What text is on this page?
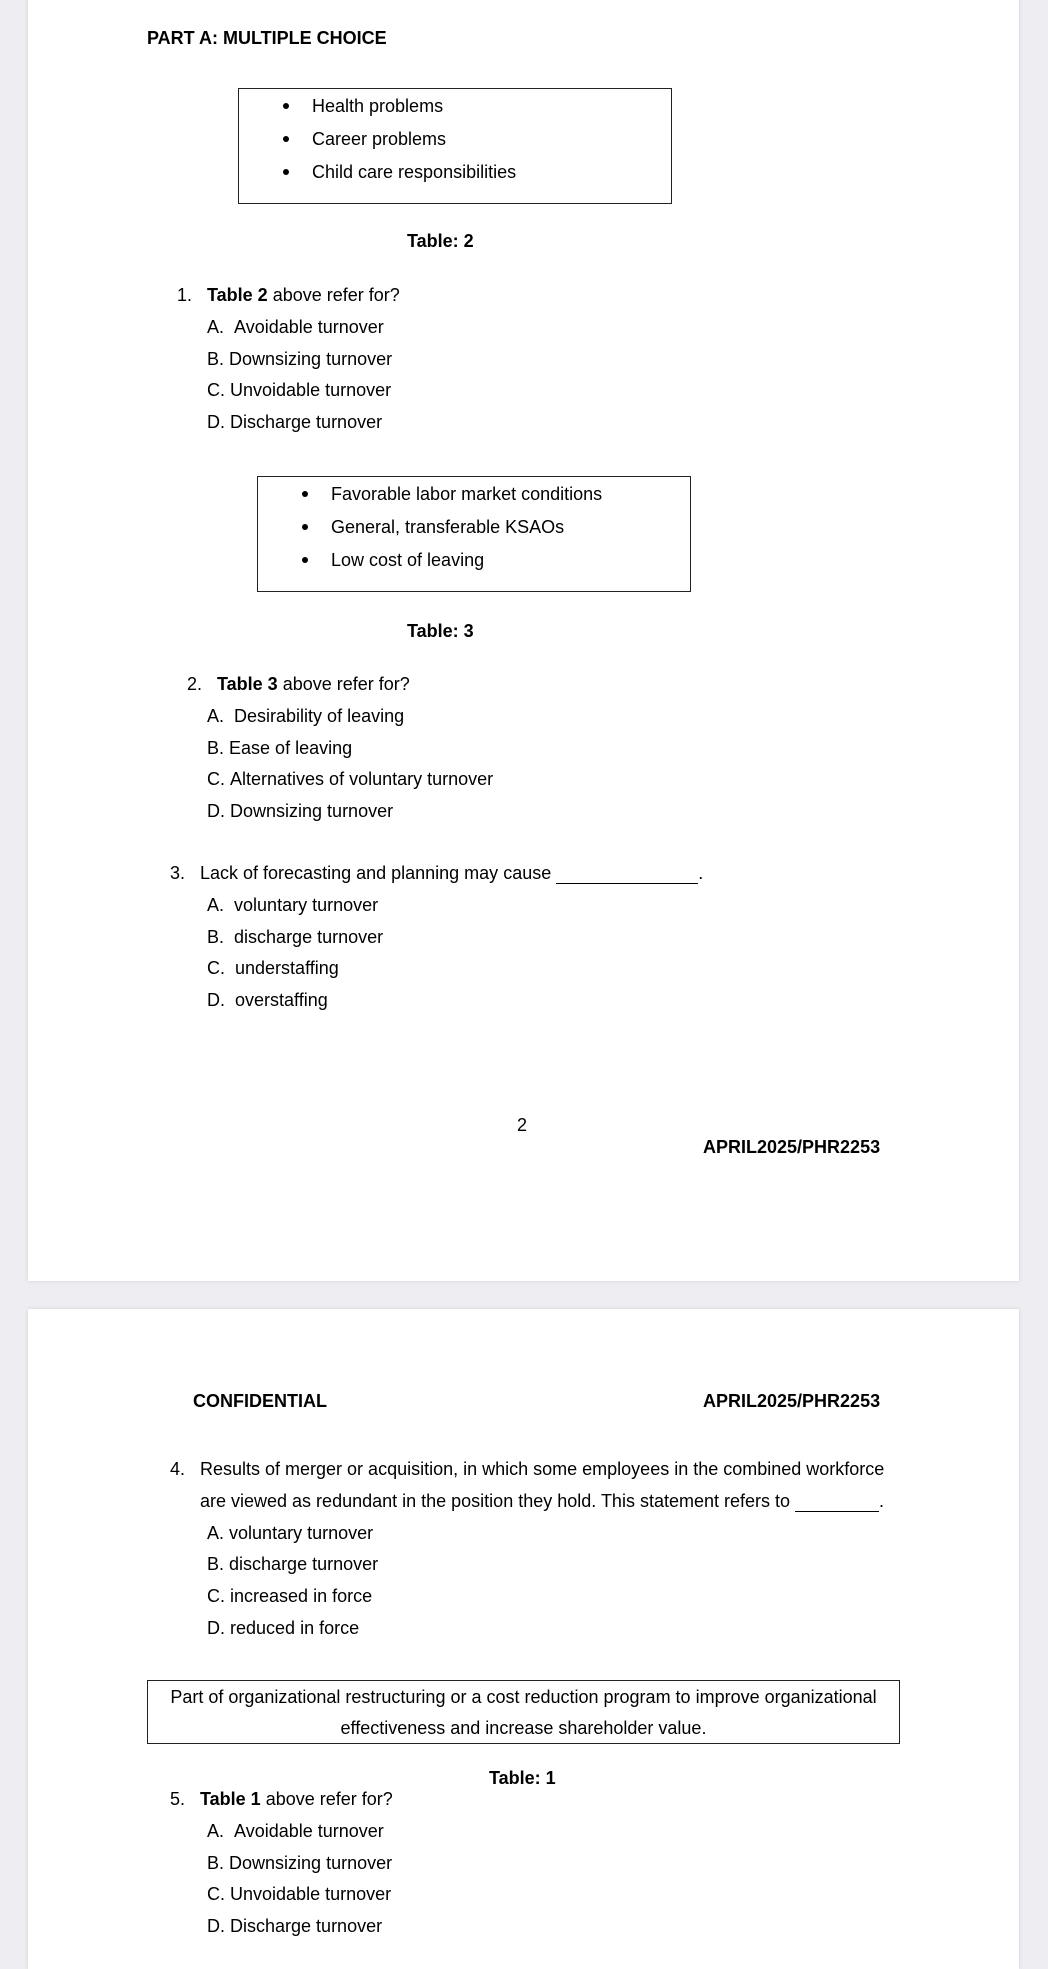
PART A: MULTIPLE CHOICE
Health problems
Career problems
Child care responsibilities
Table: 2
1. Table 2 above refer for?
A. Avoidable turnover
B. Downsizing turnover
C. Unvoidable turnover
D. Discharge turnover
Favorable labor market conditions
General, transferable KSAOs
Low cost of leaving
Table: 3
2. Table 3 above refer for?
A. Desirability of leaving
B. Ease of leaving
C. Alternatives of voluntary turnover
D. Downsizing turnover
3. Lack of forecasting and planning may cause	.
A. voluntary turnover
B. discharge turnover
C. understaffing
D. overstaffing
2
APRIL2025/PHR2253
CONFIDENTIAL	APRIL2025/PHR2253
4. Results of merger or acquisition, in which some employees in the combined workforce
are viewed as redundant in the position they hold. This statement refers to	.
A. voluntary turnover
B. discharge turnover
C. increased in force
D. reduced in force
Part of organizational restructuring or a cost reduction program to improve organizational
effectiveness and increase shareholder value.
Table: 1
5. Table 1 above refer for?
A. Avoidable turnover
B. Downsizing turnover
C. Unvoidable turnover
D. Discharge turnover
